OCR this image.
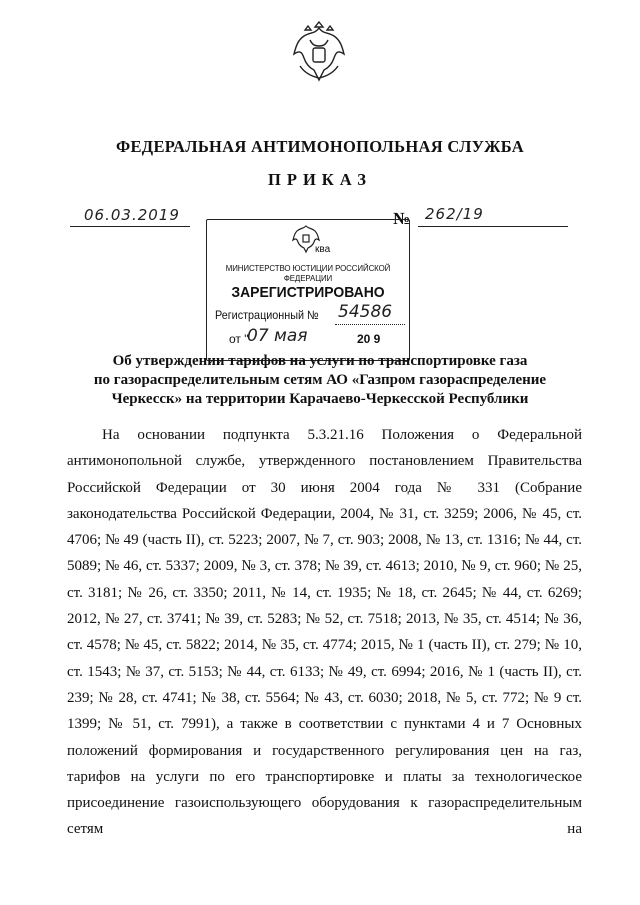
ФЕДЕРАЛЬНАЯ АНТИМОНОПОЛЬНАЯ СЛУЖБА
ПРИКАЗ
06.03.2019	№ 262/19
ква
МИНИСТЕРСТВО ЮСТИЦИИ РОССИЙСКОЙ ФЕДЕРАЦИИ
ЗАРЕГИСТРИРОВАНО
Регистрационный № 54586
от "
07 мая	20 9
Об утверждении тарифов на услуги по транспортировке газа
по газораспределительным сетям АО «Газпром газораспределение
Черкесск» на территории Карачаево-Черкесской Республики

На основании подпункта 5.3.21.16 Положения о Федеральной антимонопольной службе, утвержденного постановлением Правительства Российской Федерации от 30 июня 2004 года № 331 (Собрание законодательства Российской Федерации, 2004, № 31, ст. 3259; 2006, № 45, ст. 4706; № 49 (часть II), ст. 5223; 2007, № 7, ст. 903; 2008, № 13, ст. 1316; № 44, ст. 5089; № 46, ст. 5337; 2009, № 3, ст. 378; № 39, ст. 4613; 2010, № 9, ст. 960; № 25, ст. 3181; № 26, ст. 3350; 2011, № 14, ст. 1935; № 18, ст. 2645; № 44, ст. 6269; 2012, № 27, ст. 3741; № 39, ст. 5283; № 52, ст. 7518; 2013, № 35, ст. 4514; № 36, ст. 4578; № 45, ст. 5822; 2014, № 35, ст. 4774; 2015, № 1 (часть II), ст. 279; № 10, ст. 1543; № 37, ст. 5153; № 44, ст. 6133; № 49, ст. 6994; 2016, № 1 (часть II), ст. 239; № 28, ст. 4741; № 38, ст. 5564; № 43, ст. 6030; 2018, № 5, ст. 772; № 9 ст. 1399; № 51, ст. 7991), а также в соответствии с пунктами 4 и 7 Основных положений формирования и государственного регулирования цен на газ, тарифов на услуги по его транспортировке и платы за технологическое присоединение газоиспользующего оборудования к газораспределительным сетям на
